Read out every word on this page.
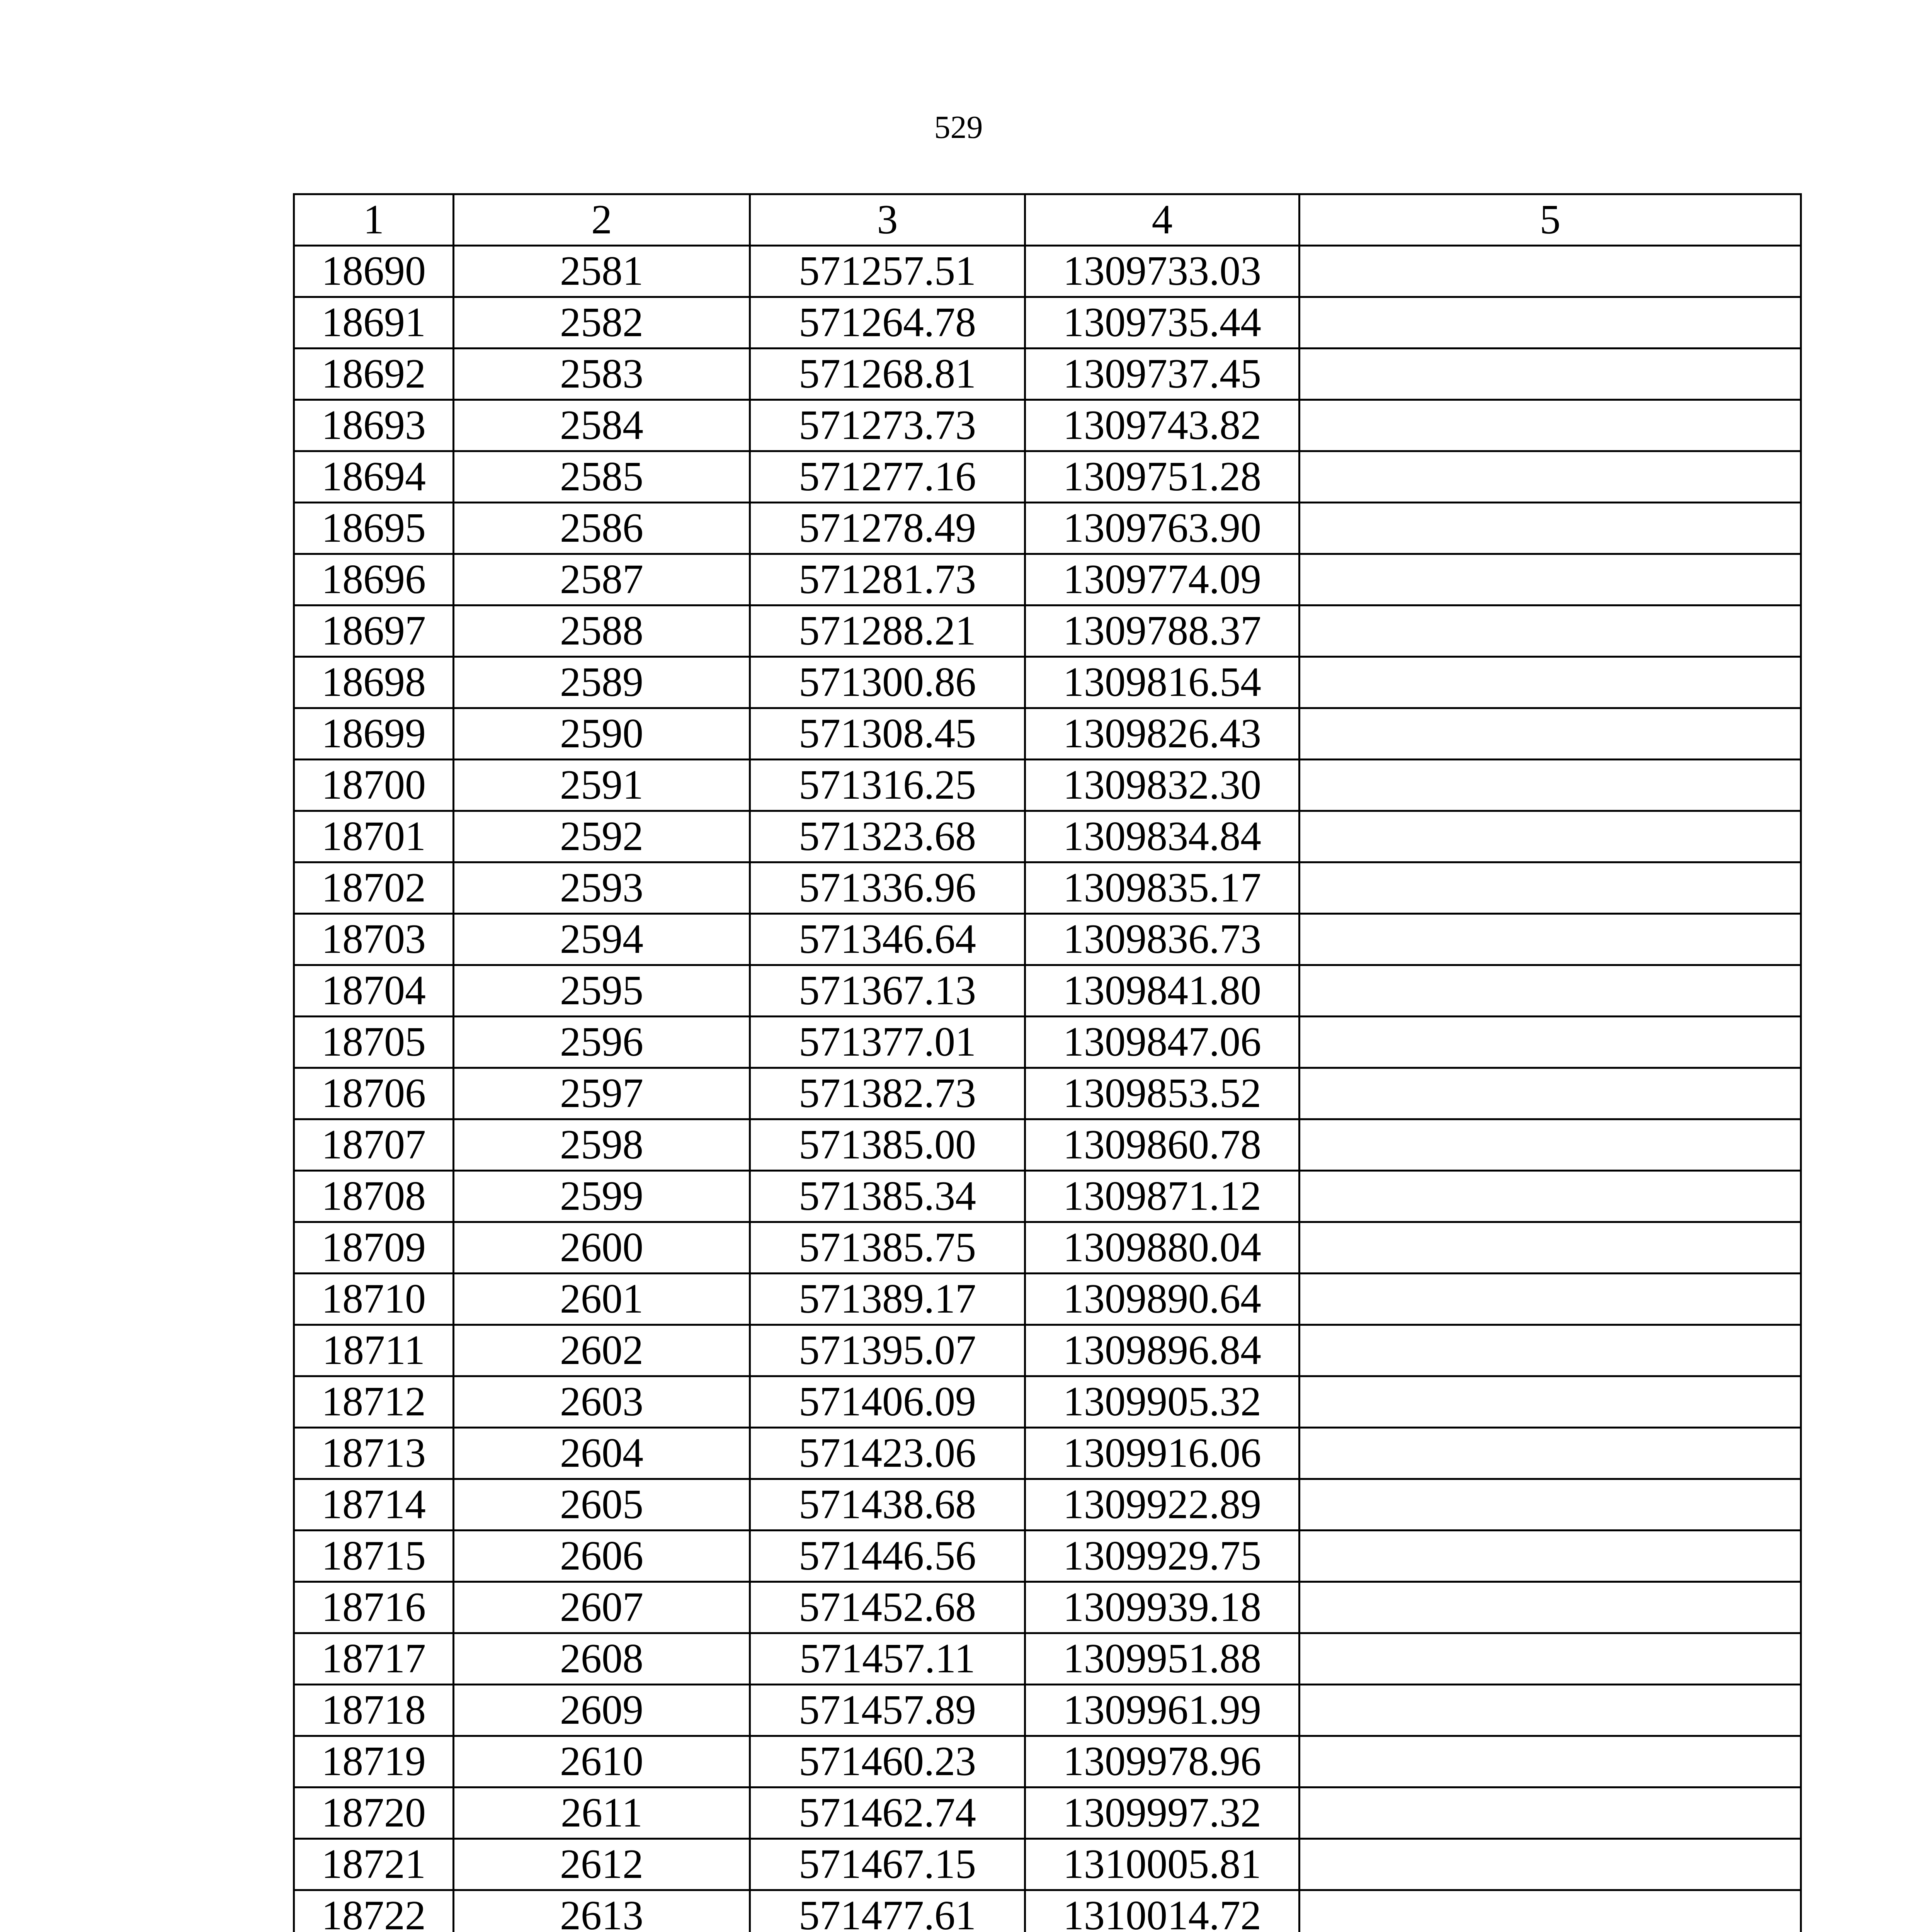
529
1	2	3	4	5
18690	2581	571257.51	1309733.03	
18691	2582	571264.78	1309735.44	
18692	2583	571268.81	1309737.45	
18693	2584	571273.73	1309743.82	
18694	2585	571277.16	1309751.28	
18695	2586	571278.49	1309763.90	
18696	2587	571281.73	1309774.09	
18697	2588	571288.21	1309788.37	
18698	2589	571300.86	1309816.54	
18699	2590	571308.45	1309826.43	
18700	2591	571316.25	1309832.30	
18701	2592	571323.68	1309834.84	
18702	2593	571336.96	1309835.17	
18703	2594	571346.64	1309836.73	
18704	2595	571367.13	1309841.80	
18705	2596	571377.01	1309847.06	
18706	2597	571382.73	1309853.52	
18707	2598	571385.00	1309860.78	
18708	2599	571385.34	1309871.12	
18709	2600	571385.75	1309880.04	
18710	2601	571389.17	1309890.64	
18711	2602	571395.07	1309896.84	
18712	2603	571406.09	1309905.32	
18713	2604	571423.06	1309916.06	
18714	2605	571438.68	1309922.89	
18715	2606	571446.56	1309929.75	
18716	2607	571452.68	1309939.18	
18717	2608	571457.11	1309951.88	
18718	2609	571457.89	1309961.99	
18719	2610	571460.23	1309978.96	
18720	2611	571462.74	1309997.32	
18721	2612	571467.15	1310005.81	
18722	2613	571477.61	1310014.72	
